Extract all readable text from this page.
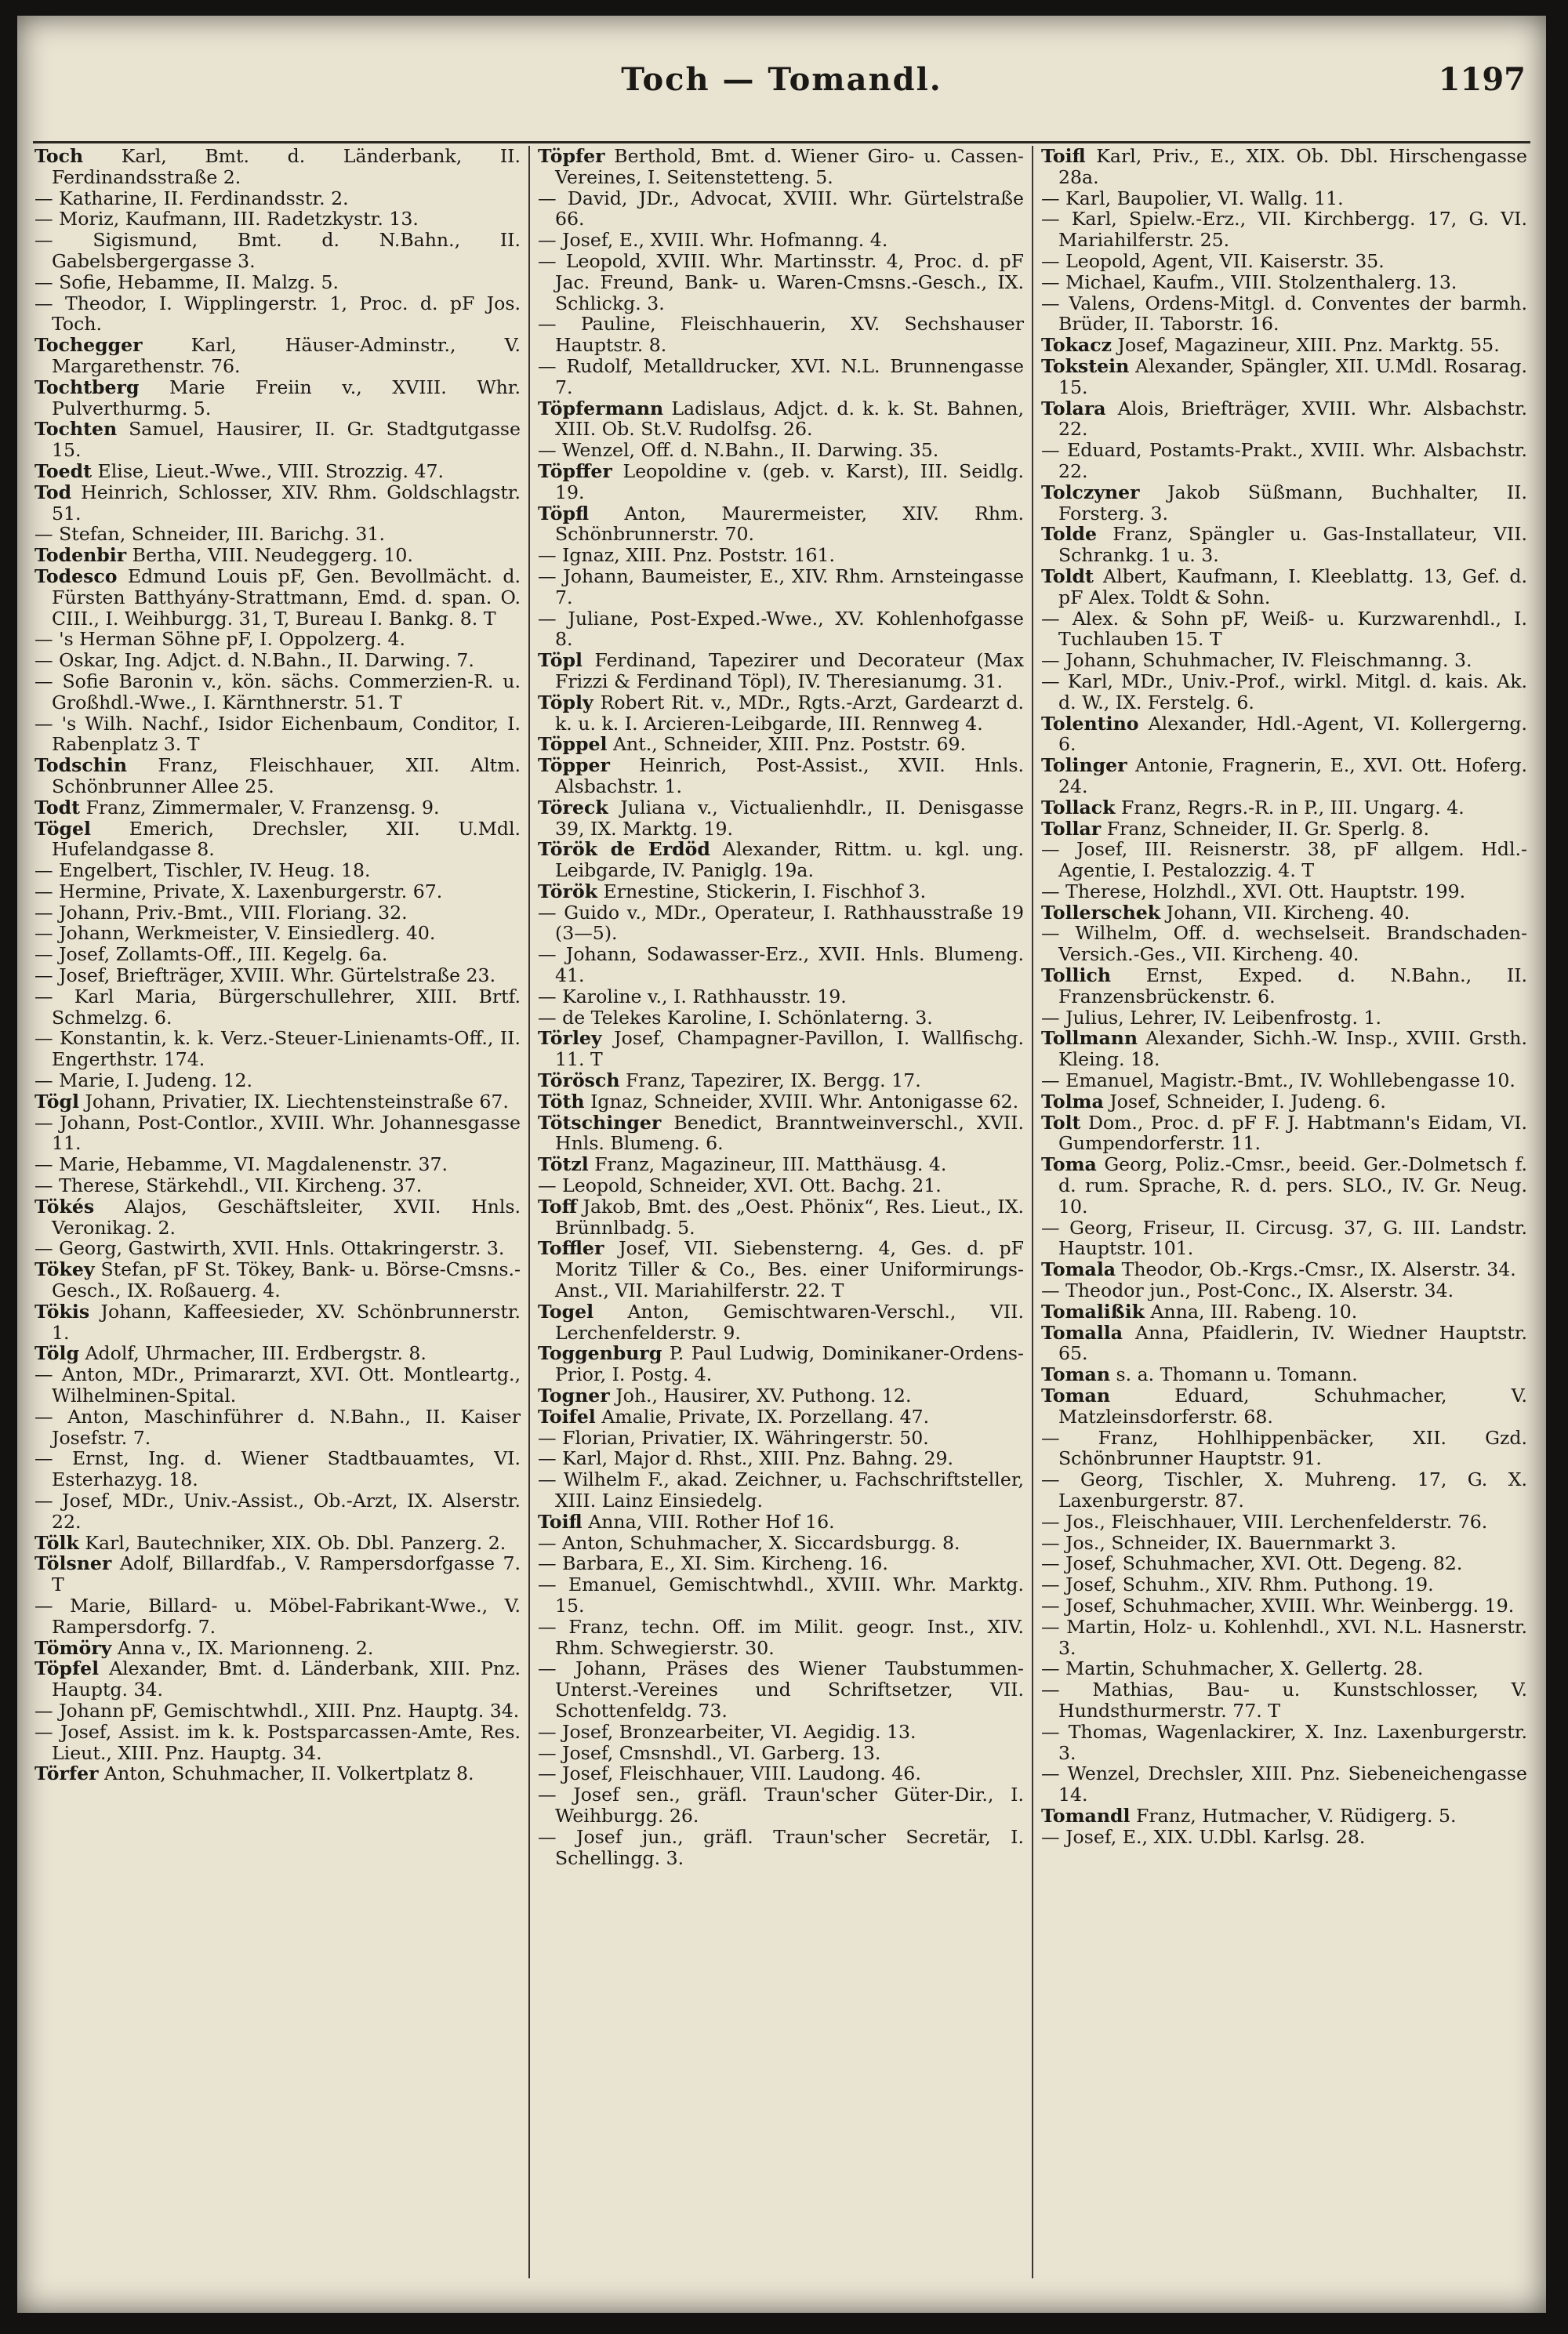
Toch — Tomandl.	1197

Toch Karl, Bmt. d. Länderbank, II. Ferdinandsstraße 2.

— Katharine, II. Ferdinandsstr. 2.

— Moriz, Kaufmann, III. Radetzkystr. 13.

— Sigismund, Bmt. d. N.Bahn., II. Gabelsbergergasse 3.

— Sofie, Hebamme, II. Malzg. 5.

— Theodor, I. Wipplingerstr. 1, Proc. d. pF Jos. Toch.

Tochegger	Karl, Häuser-Adminstr., V. Margarethenstr. 76.

Tochtberg Marie Freiin v., XVIII. Whr. Pulverthurmg. 5.

Tochten Samuel, Hausirer, II. Gr. Stadtgutgasse 15.

Toedt Elise, Lieut.-Wwe., VIII. Strozzig. 47.

Tod Heinrich, Schlosser, XIV. Rhm. Goldschlagstr. 51.

— Stefan, Schneider, III. Barichg. 31.

Todenbir Bertha, VIII. Neudeggerg. 10.

Todesco Edmund Louis pF, Gen. Bevollmächt. d. Fürsten Batthyány-Strattmann, Emd. d. span. O. CIII., I. Weihburgg. 31, T, Bureau I. Bankg. 8. T

— 's Herman Söhne pF, I. Oppolzerg. 4.

— Oskar, Ing. Adjct. d. N.Bahn., II. Darwing. 7.

— Sofie Baronin v., kön. sächs. Commerzien-R. u. Großhdl.-Wwe., I. Kärnthnerstr. 51. T

— 's Wilh. Nachf., Isidor Eichenbaum, Conditor, I. Rabenplatz 3. T

Todschin Franz, Fleischhauer, XII. Altm. Schönbrunner Allee 25.

Todt Franz, Zimmermaler, V. Franzensg. 9.

Tögel Emerich, Drechsler, XII. U.Mdl. Hufelandgasse 8.

— Engelbert, Tischler, IV. Heug. 18.

— Hermine, Private, X. Laxenburgerstr. 67.

— Johann, Priv.-Bmt., VIII. Floriang. 32.

— Johann, Werkmeister, V. Einsiedlerg. 40.

— Josef, Zollamts-Off., III. Kegelg. 6a.

— Josef, Briefträger, XVIII. Whr. Gürtelstraße 23.

— Karl Maria, Bürgerschullehrer, XIII. Brtf. Schmelzg. 6.

— Konstantin, k. k. Verz.-Steuer-Linienamts-Off., II. Engerthstr. 174.

— Marie, I. Judeng. 12.

Tögl Johann, Privatier, IX. Liechtensteinstraße 67.

— Johann, Post-Contlor., XVIII. Whr. Johannesgasse 11.

— Marie, Hebamme, VI. Magdalenenstr. 37.

— Therese, Stärkehdl., VII. Kircheng. 37.

Tökés Alajos, Geschäftsleiter, XVII. Hnls. Veronikag. 2.

— Georg, Gastwirth, XVII. Hnls. Ottakringerstr. 3.

Tökey Stefan, pF St. Tökey, Bank- u. Börse-Cmsns.-Gesch., IX. Roßauerg. 4.

Tökis Johann, Kaffeesieder, XV. Schönbrunnerstr. 1.

Tölg Adolf, Uhrmacher, III. Erdbergstr. 8.

— Anton, MDr., Primararzt, XVI. Ott. Montleartg., Wilhelminen-Spital.

— Anton, Maschinführer d. N.Bahn., II. Kaiser Josefstr. 7.

— Ernst, Ing. d. Wiener Stadtbauamtes, VI. Esterhazyg. 18.

— Josef, MDr., Univ.-Assist., Ob.-Arzt, IX. Alserstr. 22.

Tölk Karl, Bautechniker, XIX. Ob. Dbl. Panzerg. 2.

Tölsner Adolf, Billardfab., V. Rampersdorfgasse 7. T

— Marie, Billard- u. Möbel-Fabrikant-Wwe., V. Rampersdorfg. 7.

Tömöry Anna v., IX. Marionneng. 2.

Töpfel Alexander, Bmt. d. Länderbank, XIII. Pnz. Hauptg. 34.

— Johann pF, Gemischtwhdl., XIII. Pnz. Hauptg. 34.

— Josef, Assist. im k. k. Postsparcassen-Amte, Res. Lieut., XIII. Pnz. Hauptg. 34.

Törfer Anton, Schuhmacher, II. Volkertplatz 8.

Töpfer Berthold, Bmt. d. Wiener Giro- u. Cassen-Vereines, I. Seitenstetteng. 5.

— David, JDr., Advocat, XVIII. Whr. Gürtelstraße 66.

— Josef, E., XVIII. Whr. Hofmanng. 4.

— Leopold, XVIII. Whr. Martinsstr. 4, Proc. d. pF Jac. Freund, Bank- u. Waren-Cmsns.-Gesch., IX. Schlickg. 3.

— Pauline, Fleischhauerin, XV. Sechshauser Hauptstr. 8.

— Rudolf, Metalldrucker, XVI. N.L. Brunnengasse 7.

Töpfermann Ladislaus, Adjct. d. k. k. St. Bahnen, XIII. Ob. St.V. Rudolfsg. 26.

— Wenzel, Off. d. N.Bahn., II. Darwing. 35.

Töpffer Leopoldine v. (geb. v. Karst), III. Seidlg. 19.

Töpfl Anton, Maurermeister, XIV. Rhm. Schönbrunnerstr. 70.

— Ignaz, XIII. Pnz. Poststr. 161.

— Johann, Baumeister, E., XIV. Rhm. Arnsteingasse 7.

— Juliane, Post-Exped.-Wwe., XV. Kohlenhofgasse 8.

Töpl Ferdinand, Tapezirer und Decorateur (Max Frizzi & Ferdinand Töpl), IV. Theresianumg. 31.

Töply Robert Rit. v., MDr., Rgts.-Arzt, Gardearzt d. k. u. k. I. Arcieren-Leibgarde, III. Rennweg 4.

Töppel Ant., Schneider, XIII. Pnz. Poststr. 69.

Töpper Heinrich, Post-Assist., XVII. Hnls. Alsbachstr. 1.

Töreck Juliana v., Victualienhdlr., II. Denisgasse 39, IX. Marktg. 19.

Török de Erdöd Alexander, Rittm. u. kgl. ung. Leibgarde, IV. Paniglg. 19a.

Török Ernestine, Stickerin, I. Fischhof 3.

— Guido v., MDr., Operateur, I. Rathhausstraße 19 (3—5).

— Johann, Sodawasser-Erz., XVII. Hnls. Blumeng. 41.

— Karoline v., I. Rathhausstr. 19.

— de Telekes Karoline, I. Schönlaterng. 3.

Törley Josef, Champagner-Pavillon, I. Wallfischg. 11. T

Törösch Franz, Tapezirer, IX. Bergg. 17.

Töth Ignaz, Schneider, XVIII. Whr. Antonigasse 62.

Tötschinger Benedict, Branntweinverschl., XVII. Hnls. Blumeng. 6.

Tötzl Franz, Magazineur, III. Matthäusg. 4.

— Leopold, Schneider, XVI. Ott. Bachg. 21.

Toff Jakob, Bmt. des „Oest. Phönix“, Res. Lieut., IX. Brünnlbadg. 5.

Toffler Josef, VII. Siebensterng. 4, Ges. d. pF Moritz Tiller & Co., Bes. einer Uniformirungs-Anst., VII. Mariahilferstr. 22. T

Togel Anton, Gemischtwaren-Verschl., VII. Lerchenfelderstr. 9.

Toggenburg P. Paul Ludwig, Dominikaner-Ordens-Prior, I. Postg. 4.

Togner Joh., Hausirer, XV. Puthong. 12.

Toifel Amalie, Private, IX. Porzellang. 47.

— Florian, Privatier, IX. Währingerstr. 50.

— Karl, Major d. Rhst., XIII. Pnz. Bahng. 29.

— Wilhelm F., akad. Zeichner, u. Fachschriftsteller, XIII. Lainz Einsiedelg.

Toifl Anna, VIII. Rother Hof 16.

— Anton, Schuhmacher, X. Siccardsburgg. 8.

— Barbara, E., XI. Sim. Kircheng. 16.

— Emanuel, Gemischtwhdl., XVIII. Whr. Marktg. 15.

— Franz, techn. Off. im Milit. geogr. Inst., XIV. Rhm. Schwegierstr. 30.

— Johann, Präses des Wiener Taubstummen-Unterst.-Vereines und Schriftsetzer, VII. Schottenfeldg. 73.

— Josef, Bronzearbeiter, VI. Aegidig. 13.

— Josef, Cmsnshdl., VI. Garberg. 13.

— Josef, Fleischhauer, VIII. Laudong. 46.

— Josef sen., gräfl. Traun'scher Güter-Dir., I. Weihburgg. 26.

— Josef jun., gräfl. Traun'scher Secretär, I. Schellingg. 3.

Toifl Karl, Priv., E., XIX. Ob. Dbl. Hirschengasse 28a.

— Karl, Baupolier, VI. Wallg. 11.

— Karl, Spielw.-Erz., VII. Kirchbergg. 17, G. VI. Mariahilferstr. 25.

— Leopold, Agent, VII. Kaiserstr. 35.

— Michael, Kaufm., VIII. Stolzenthalerg. 13.

— Valens, Ordens-Mitgl. d. Conventes der barmh. Brüder, II. Taborstr. 16.

Tokacz Josef, Magazineur, XIII. Pnz. Marktg. 55.

Tokstein Alexander, Spängler, XII. U.Mdl. Rosarag. 15.

Tolara Alois, Briefträger, XVIII. Whr. Alsbachstr. 22.

— Eduard, Postamts-Prakt., XVIII. Whr. Alsbachstr. 22.

Tolczyner Jakob Süßmann, Buchhalter, II. Forsterg. 3.

Tolde Franz, Spängler u. Gas-Installateur, VII. Schrankg. 1 u. 3.

Toldt Albert, Kaufmann, I. Kleeblattg. 13, Gef. d. pF Alex. Toldt & Sohn.

— Alex. & Sohn pF, Weiß- u. Kurzwarenhdl., I. Tuchlauben 15. T

— Johann, Schuhmacher, IV. Fleischmanng. 3.

— Karl, MDr., Univ.-Prof., wirkl. Mitgl. d. kais. Ak. d. W., IX. Ferstelg. 6.

Tolentino Alexander, Hdl.-Agent, VI. Kollergerng. 6.

Tolinger Antonie, Fragnerin, E., XVI. Ott. Hoferg. 24.

Tollack Franz, Regrs.-R. in P., III. Ungarg. 4.

Tollar Franz, Schneider, II. Gr. Sperlg. 8.

— Josef, III. Reisnerstr. 38, pF allgem. Hdl.-Agentie, I. Pestalozzig. 4. T

— Therese, Holzhdl., XVI. Ott. Hauptstr. 199.

Tollerschek Johann, VII. Kircheng. 40.

— Wilhelm, Off. d. wechselseit. Brandschaden-Versich.-Ges., VII. Kircheng. 40.

Tollich Ernst, Exped. d. N.Bahn., II. Franzensbrückenstr. 6.

— Julius, Lehrer, IV. Leibenfrostg. 1.

Tollmann Alexander, Sichh.-W. Insp., XVIII. Grsth. Kleing. 18.

— Emanuel, Magistr.-Bmt., IV. Wohllebengasse 10.

Tolma Josef, Schneider, I. Judeng. 6.

Tolt Dom., Proc. d. pF F. J. Habtmann's Eidam, VI. Gumpendorferstr. 11.

Toma Georg, Poliz.-Cmsr., beeid. Ger.-Dolmetsch f. d. rum. Sprache, R. d. pers. SLO., IV. Gr. Neug. 10.

— Georg, Friseur, II. Circusg. 37, G. III. Landstr. Hauptstr. 101.

Tomala Theodor, Ob.-Krgs.-Cmsr., IX. Alserstr. 34.

— Theodor jun., Post-Conc., IX. Alserstr. 34.

Tomalißik Anna, III. Rabeng. 10.

Tomalla Anna, Pfaidlerin, IV. Wiedner Hauptstr. 65.

Toman s. a. Thomann u. Tomann.

Toman	Eduard, Schuhmacher, V. Matzleinsdorferstr. 68.

— Franz, Hohlhippenbäcker, XII. Gzd. Schönbrunner Hauptstr. 91.

— Georg, Tischler, X. Muhreng. 17, G. X. Laxenburgerstr. 87.

— Jos., Fleischhauer, VIII. Lerchenfelderstr. 76.

— Jos., Schneider, IX. Bauernmarkt 3.

— Josef, Schuhmacher, XVI. Ott. Degeng. 82.

— Josef, Schuhm., XIV. Rhm. Puthong. 19.

— Josef, Schuhmacher, XVIII. Whr. Weinbergg. 19.

— Martin, Holz- u. Kohlenhdl., XVI. N.L. Hasnerstr. 3.

— Martin, Schuhmacher, X. Gellertg. 28.

— Mathias, Bau- u. Kunstschlosser, V. Hundsthurmerstr. 77. T

— Thomas, Wagenlackirer, X. Inz. Laxenburgerstr. 3.

— Wenzel, Drechsler, XIII. Pnz. Siebeneichengasse 14.

Tomandl Franz, Hutmacher, V. Rüdigerg. 5.

— Josef, E., XIX. U.Dbl. Karlsg. 28.
